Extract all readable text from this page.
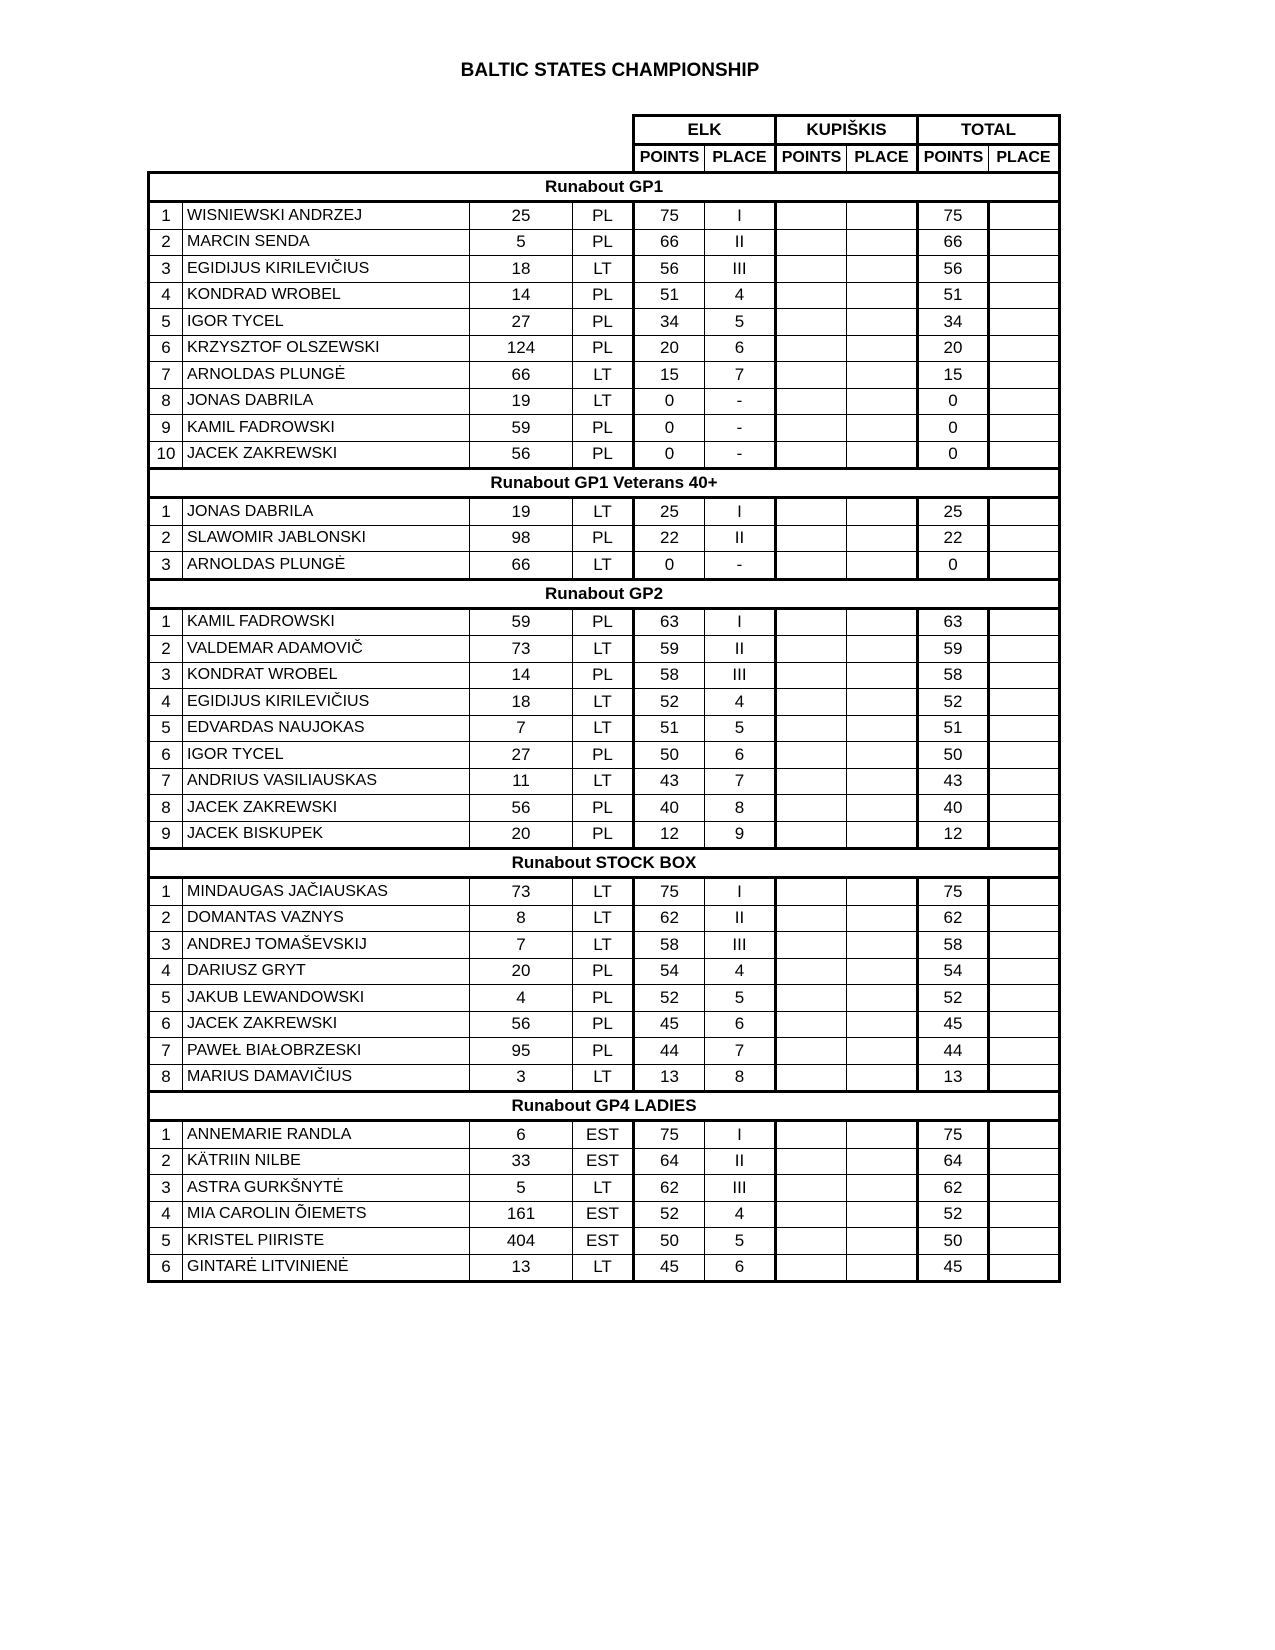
BALTIC STATES CHAMPIONSHIP
				ELK		KUPIŠKIS		TOTAL	
				POINTS	PLACE	POINTS	PLACE	POINTS	PLACE
Runabout GP1									
1	WISNIEWSKI ANDRZEJ	25	PL	75	I			75	
2	MARCIN SENDA	5	PL	66	II			66	
3	EGIDIJUS KIRILEVIČIUS	18	LT	56	III			56	
4	KONDRAD WROBEL	14	PL	51	4			51	
5	IGOR TYCEL	27	PL	34	5			34	
6	KRZYSZTOF OLSZEWSKI	124	PL	20	6			20	
7	ARNOLDAS PLUNGĖ	66	LT	15	7			15	
8	JONAS DABRILA	19	LT	0	-			0	
9	KAMIL FADROWSKI	59	PL	0	-			0	
10	JACEK ZAKREWSKI	56	PL	0	-			0	
Runabout GP1 Veterans 40+									
1	JONAS DABRILA	19	LT	25	I			25	
2	SLAWOMIR JABLONSKI	98	PL	22	II			22	
3	ARNOLDAS PLUNGĖ	66	LT	0	-			0	
Runabout GP2									
1	KAMIL FADROWSKI	59	PL	63	I			63	
2	VALDEMAR ADAMOVIČ	73	LT	59	II			59	
3	KONDRAT WROBEL	14	PL	58	III			58	
4	EGIDIJUS KIRILEVIČIUS	18	LT	52	4			52	
5	EDVARDAS NAUJOKAS	7	LT	51	5			51	
6	IGOR TYCEL	27	PL	50	6			50	
7	ANDRIUS VASILIAUSKAS	11	LT	43	7			43	
8	JACEK ZAKREWSKI	56	PL	40	8			40	
9	JACEK BISKUPEK	20	PL	12	9			12	
Runabout STOCK BOX									
1	MINDAUGAS JAČIAUSKAS	73	LT	75	I			75	
2	DOMANTAS VAZNYS	8	LT	62	II			62	
3	ANDREJ TOMAŠEVSKIJ	7	LT	58	III			58	
4	DARIUSZ GRYT	20	PL	54	4			54	
5	JAKUB LEWANDOWSKI	4	PL	52	5			52	
6	JACEK ZAKREWSKI	56	PL	45	6			45	
7	PAWEŁ BIAŁOBRZESKI	95	PL	44	7			44	
8	MARIUS DAMAVIČIUS	3	LT	13	8			13	
Runabout GP4 LADIES									
1	ANNEMARIE RANDLA	6	EST	75	I			75	
2	KÄTRIIN NILBE	33	EST	64	II			64	
3	ASTRA GURKŠNYTĖ	5	LT	62	III			62	
4	MIA CAROLIN ÕIEMETS	161	EST	52	4			52	
5	KRISTEL PIIRISTE	404	EST	50	5			50	
6	GINTARĖ LITVINIENĖ	13	LT	45	6			45	
